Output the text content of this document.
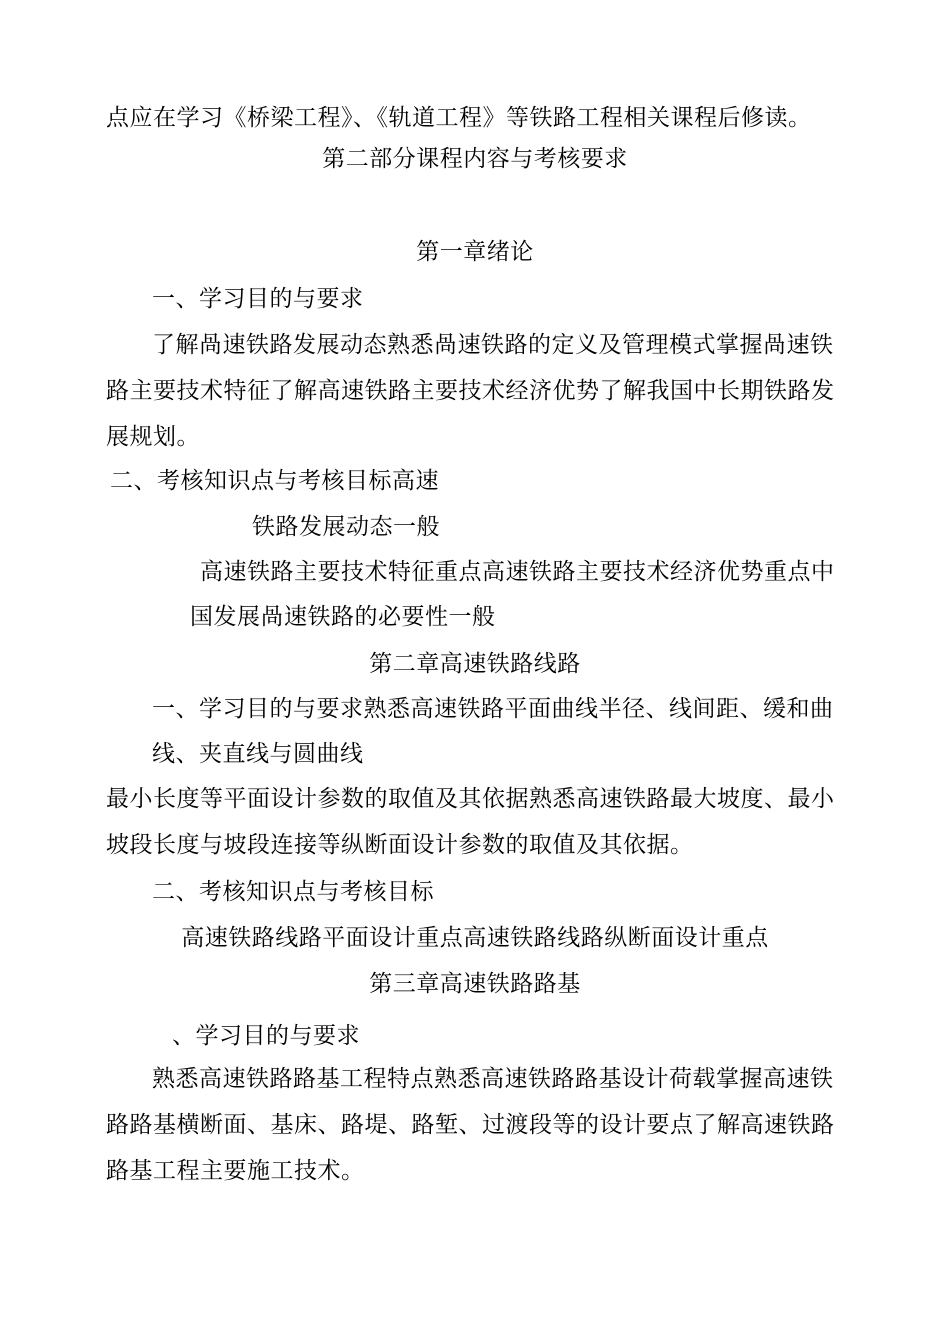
点应在学习《桥梁工程》、《轨道工程》等铁路工程相关课程后修读。
第二部分课程内容与考核要求
第一章绪论
一、学习目的与要求
了解咼速铁路发展动态熟悉咼速铁路的定义及管理模式掌握咼速铁
路主要技术特征了解高速铁路主要技术经济优势了解我国中长期铁路发
展规划。
二、考核知识点与考核目标高速
铁路发展动态一般
高速铁路主要技术特征重点高速铁路主要技术经济优势重点中
国发展咼速铁路的必要性一般
第二章高速铁路线路
一、学习目的与要求熟悉高速铁路平面曲线半径、线间距、缓和曲
线、夹直线与圆曲线
最小长度等平面设计参数的取值及其依据熟悉高速铁路最大坡度、最小
坡段长度与坡段连接等纵断面设计参数的取值及其依据。
二、考核知识点与考核目标
高速铁路线路平面设计重点高速铁路线路纵断面设计重点
第三章高速铁路路基
、学习目的与要求
熟悉高速铁路路基工程特点熟悉高速铁路路基设计荷载掌握高速铁
路路基横断面、基床、路堤、路堑、过渡段等的设计要点了解高速铁路
路基工程主要施工技术。
